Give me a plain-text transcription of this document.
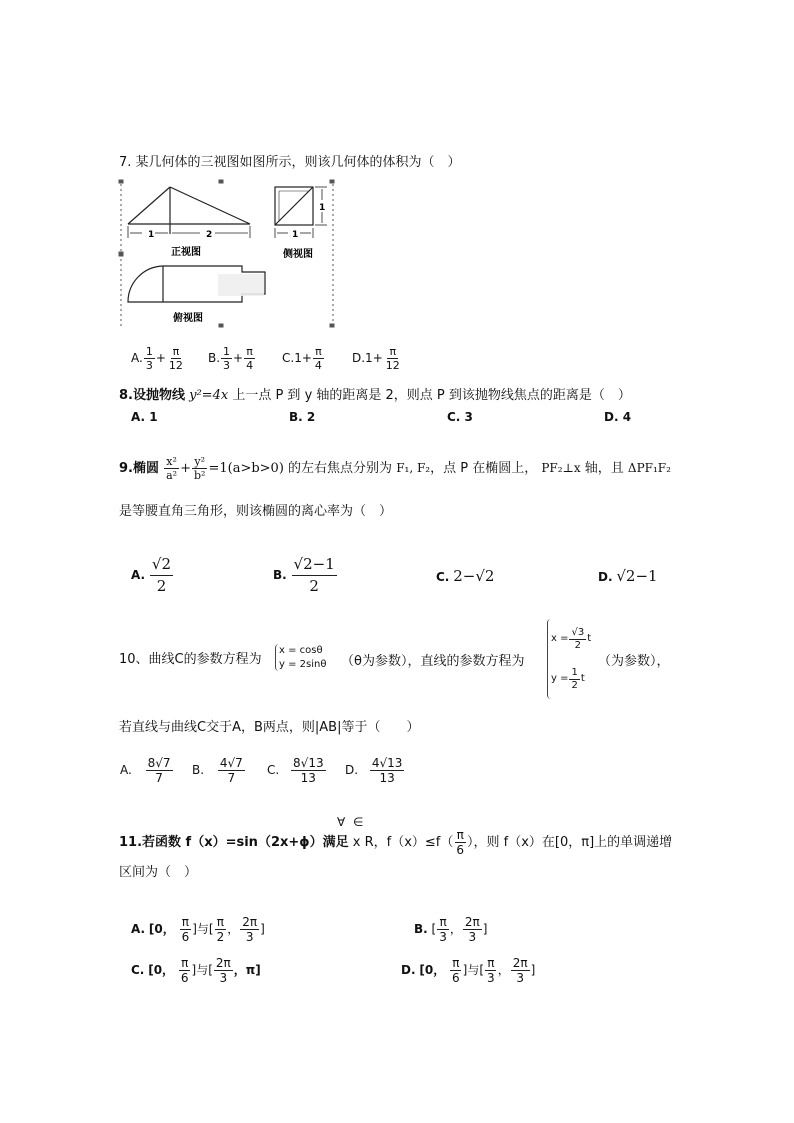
7. 某几何体的三视图如图所示，则该几何体的体积为（　）
1	2
正视图
1
1
侧视图
俯视图
A. $\frac{1}{3} + \frac{\pi}{12} B$. $\frac{1}{3} + \frac{\pi}{4} C.1+ \frac{\pi}{4} D.1+ \frac{\pi}{12}$
8.设抛物线 y²=4x 上一点 P 到 y 轴的距离是 2，则点 P 到该抛物线焦点的距离是（　）
A. 1	B. 2	C. 3	D. 4
9.椭圆 $\frac{\text{x²}}{\text{a²}} + \frac{\text{y²}}{\text{b²}} =1(a>b>0)$ 的左右焦点分别为 F₁, F₂，点 P 在椭圆上， PF₂⊥x 轴，且 ΔPF₁F₂
是等腰直角三角形，则该椭圆的离心率为（　）
A. $\frac{√2}{2}$	B. $\frac{√2-1}{2}$	C. 2−√2	D. √2−1
10、曲线C的参数方程为
x = cosθ
y = 2sinθ （θ为参数），直线的参数方程为
$x = \frac{√3}{2}$ t
$y = \frac{1}{2}$ t
（为参数），
若直线与曲线C交于A，B两点，则|AB|等于（　　）
A. $\frac{8√7}{7} B$. $\frac{4√7}{7} C$. $\frac{8√13}{13} D$. $\frac{4√13}{13}$
∀ ∈
11.若函数 f（x）=sin（2x+ϕ）满足 x R，$f(x)\le f( \frac{\pi}{6}$ ），则 f（x）在[0，π]上的单调递增
区间为（　）
A. [0， $\frac{\pi}{6}$ ]与[ $\frac{\pi}{2}$ ， $\frac{2\pi}{3}$ ]	B. [ $\frac{\pi}{3}$ ， $\frac{2\pi}{3}$ ]
C. [0， $\frac{\pi}{6}$ ]与[ $\frac{2\pi}{3}$ ，π]	D. [0， $\frac{\pi}{6}$ ]与[ $\frac{\pi}{3}$ ， $\frac{2\pi}{3}$ ]
